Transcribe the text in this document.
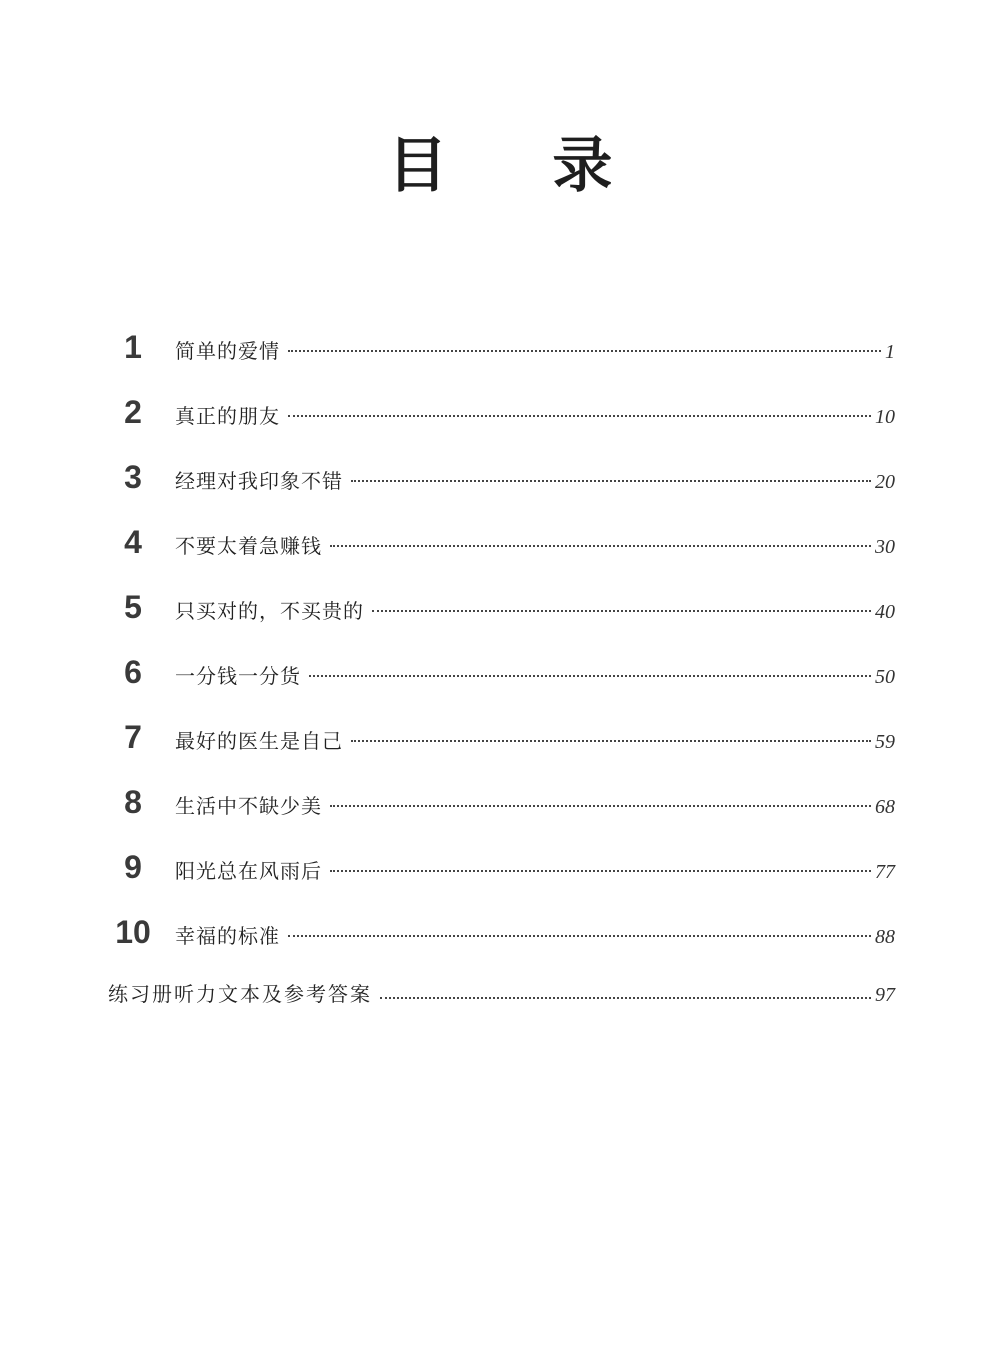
目 录
1	简单的爱情	1
2	真正的朋友	10
3	经理对我印象不错	20
4	不要太着急赚钱	30
5	只买对的，不买贵的	40
6	一分钱一分货	50
7	最好的医生是自己	59
8	生活中不缺少美	68
9	阳光总在风雨后	77
10	幸福的标准	88
练习册听力文本及参考答案	97
